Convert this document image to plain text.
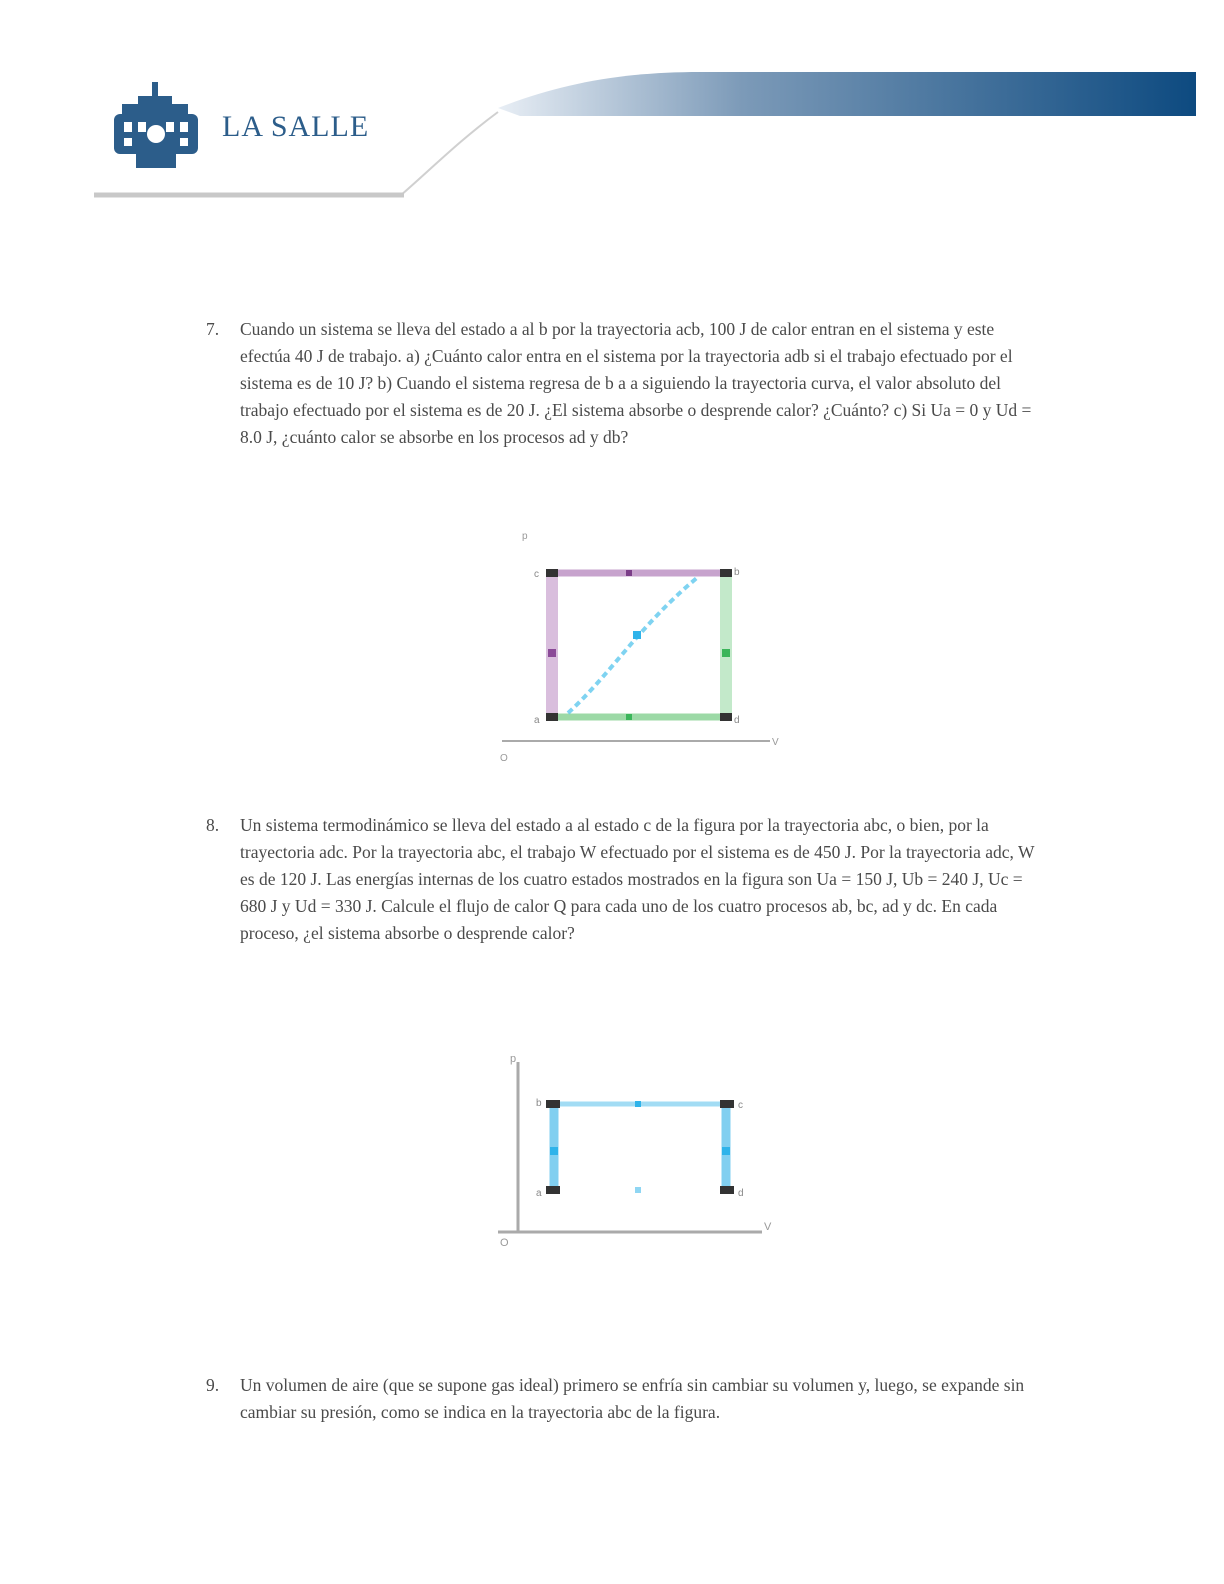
LA SALLE
7. Cuando un sistema se lleva del estado a al b por la trayectoria acb, 100 J de calor entran en el sistema y este efectúa 40 J de trabajo. a) ¿Cuánto calor entra en el sistema por la trayectoria adb si el trabajo efectuado por el sistema es de 10 J? b) Cuando el sistema regresa de b a a siguiendo la trayectoria curva, el valor absoluto del trabajo efectuado por el sistema es de 20 J. ¿El sistema absorbe o desprende calor? ¿Cuánto? c) Si Ua = 0 y Ud = 8.0 J, ¿cuánto calor se absorbe en los procesos ad y db?
V
p
O
c	b
a	d
8. Un sistema termodinámico se lleva del estado a al estado c de la figura por la trayectoria abc, o bien, por la trayectoria adc. Por la trayectoria abc, el trabajo W efectuado por el sistema es de 450 J. Por la trayectoria adc, W es de 120 J. Las energías internas de los cuatro estados mostrados en la figura son Ua = 150 J, Ub = 240 J, Uc = 680 J y Ud = 330 J. Calcule el flujo de calor Q para cada uno de los cuatro procesos ab, bc, ad y dc. En cada proceso, ¿el sistema absorbe o desprende calor?
p
V
O
b	c
a	d
9. Un volumen de aire (que se supone gas ideal) primero se enfría sin cambiar su volumen y, luego, se expande sin cambiar su presión, como se indica en la trayectoria abc de la figura.
